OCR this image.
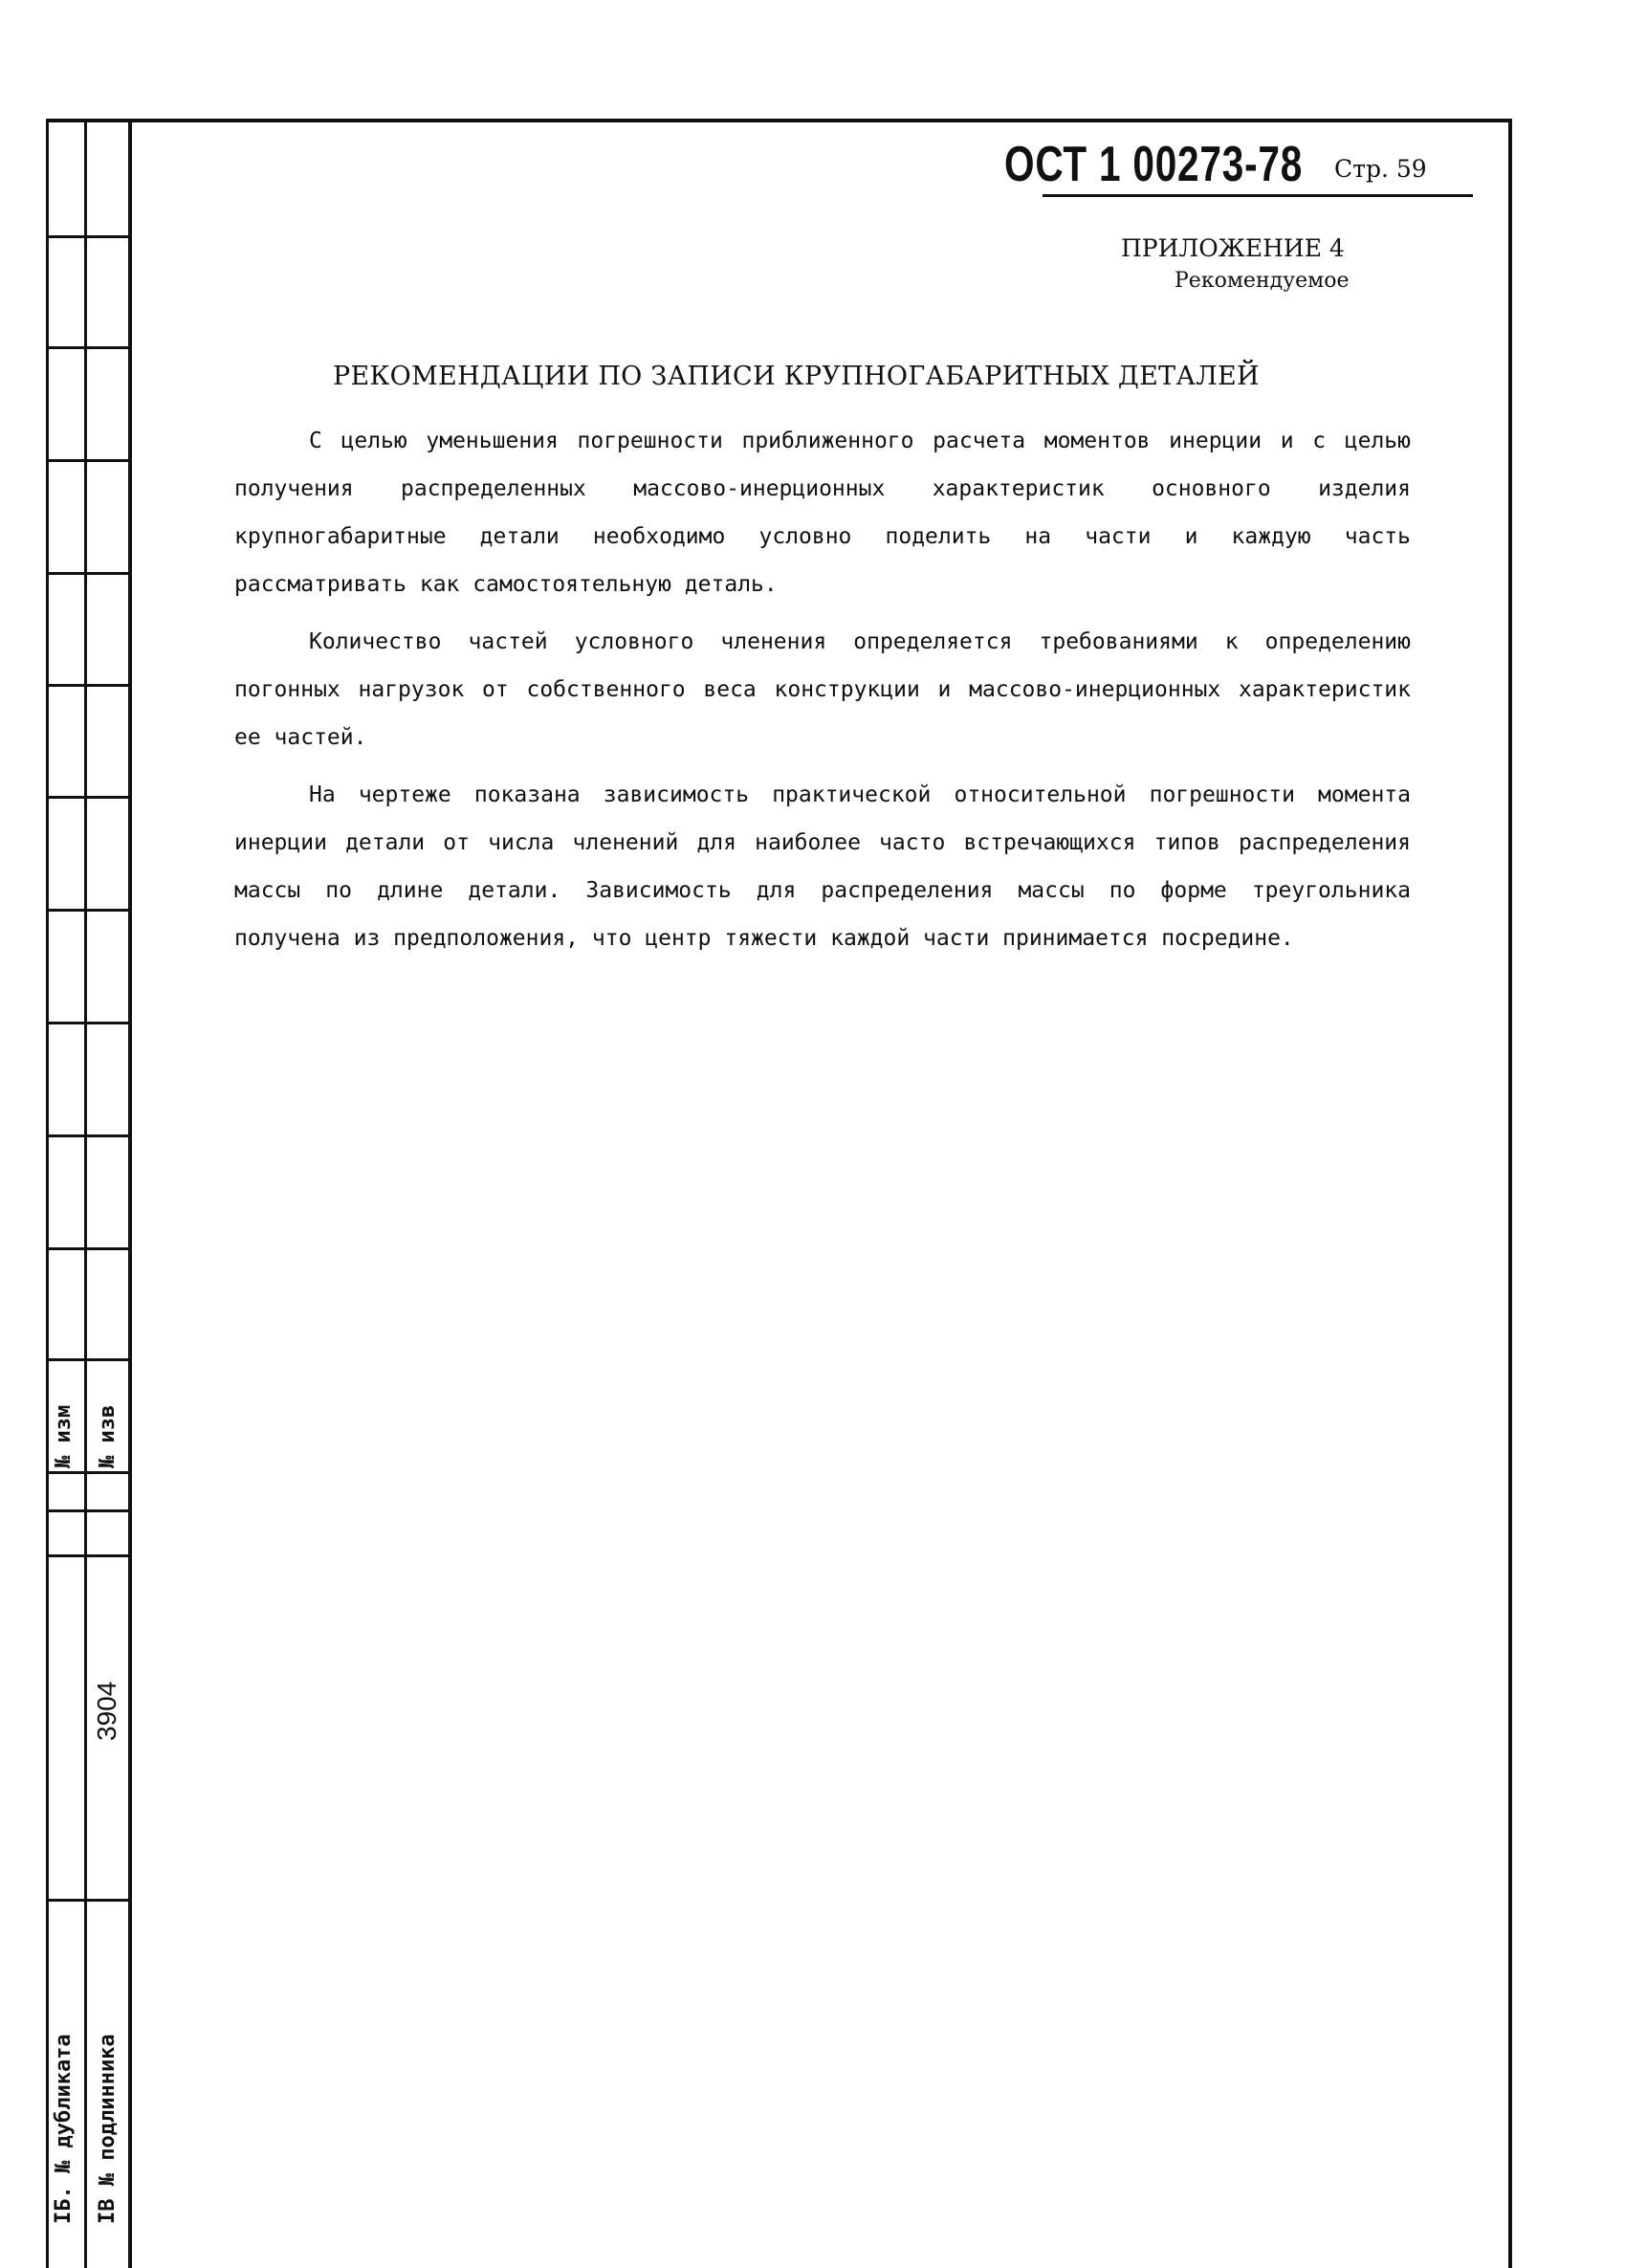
№ изм № изв
3904
ІБ. № дубликата ІВ № подлинника
ОСТ 1 00273-78 Стр. 59
ПРИЛОЖЕНИЕ 4
Рекомендуемое
РЕКОМЕНДАЦИИ ПО ЗАПИСИ КРУПНОГАБАРИТНЫХ ДЕТАЛЕЙ

С целью уменьшения погрешности приближенного расчета моментов инерции и с целью получения распределенных массово-инерционных характеристик основного изделия крупногабаритные детали необходимо условно поделить на части и каждую часть рассматривать как самостоятельную деталь.

Количество частей условного членения определяется требованиями к определению погонных нагрузок от собственного веса конструкции и массово-инерционных характеристик ее частей.

На чертеже показана зависимость практической относительной погрешности момента инерции детали от числа членений для наиболее часто встречающихся типов распределения массы по длине детали. Зависимость для распределения массы по форме треугольника получена из предположения, что центр тяжести каждой части принимается посредине.
